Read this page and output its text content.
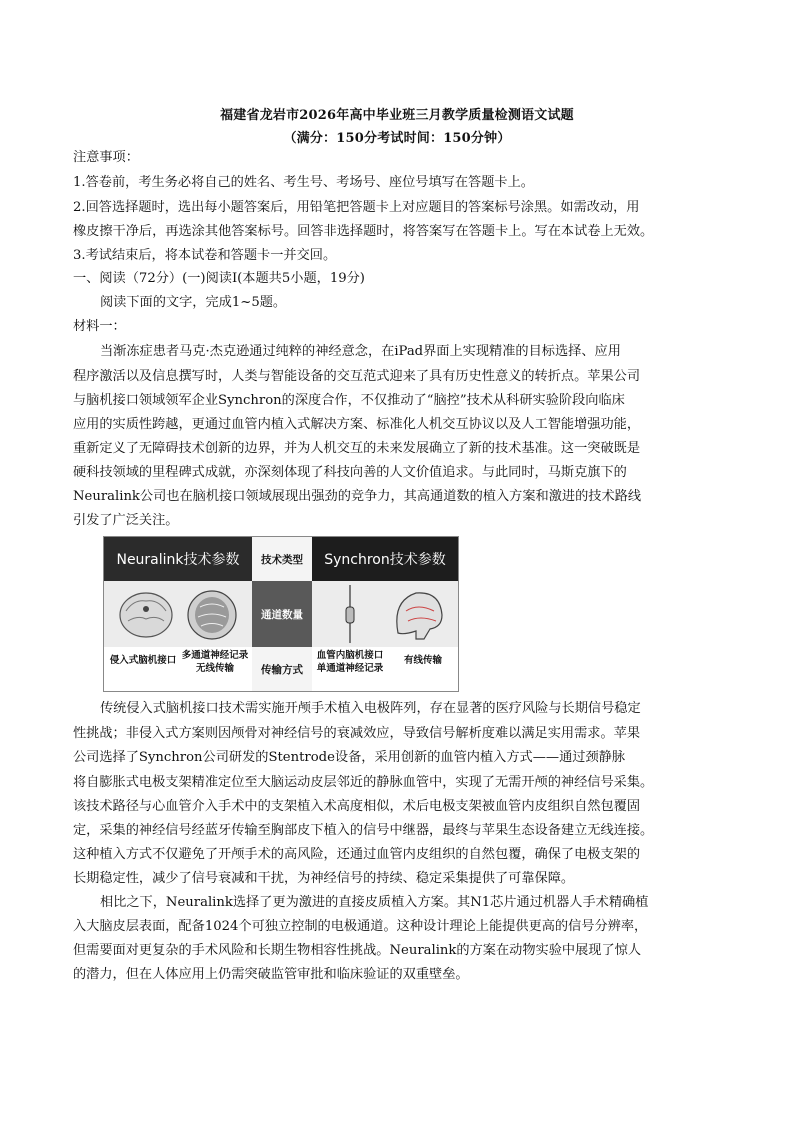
福建省龙岩市2026年高中毕业班三月教学质量检测语文试题
（满分：150分考试时间：150分钟）
注意事项：
1.答卷前，考生务必将自己的姓名、考生号、考场号、座位号填写在答题卡上。
2.回答选择题时，选出每小题答案后，用铅笔把答题卡上对应题目的答案标号涂黑。如需改动，用
橡皮擦干净后，再选涂其他答案标号。回答非选择题时，将答案写在答题卡上。写在本试卷上无效。
3.考试结束后，将本试卷和答题卡一并交回。
一、阅读（72分）(一)阅读Ⅰ(本题共5小题，19分)
阅读下面的文字，完成1~5题。
材料一：
当渐冻症患者马克·杰克逊通过纯粹的神经意念，在iPad界面上实现精准的目标选择、应用
程序激活以及信息撰写时，人类与智能设备的交互范式迎来了具有历史性意义的转折点。苹果公司
与脑机接口领域领军企业Synchron的深度合作，不仅推动了“脑控”技术从科研实验阶段向临床
应用的实质性跨越，更通过血管内植入式解决方案、标准化人机交互协议以及人工智能增强功能，
重新定义了无障碍技术创新的边界，并为人机交互的未来发展确立了新的技术基准。这一突破既是
硬科技领域的里程碑式成就，亦深刻体现了科技向善的人文价值追求。与此同时，马斯克旗下的
Neuralink公司也在脑机接口领域展现出强劲的竞争力，其高通道数的植入方案和激进的技术路线
引发了广泛关注。
Neuralink技术参数	Synchron技术参数
技术类型
通道数量
传输方式
侵入式脑机接口 多通道神经记录
无线传输
血管内脑机接口
单通道神经记录
有线传输
传统侵入式脑机接口技术需实施开颅手术植入电极阵列，存在显著的医疗风险与长期信号稳定
性挑战；非侵入式方案则因颅骨对神经信号的衰减效应，导致信号解析度难以满足实用需求。苹果
公司选择了Synchron公司研发的Stentrode设备，采用创新的血管内植入方式——通过颈静脉
将自膨胀式电极支架精准定位至大脑运动皮层邻近的静脉血管中，实现了无需开颅的神经信号采集。
该技术路径与心血管介入手术中的支架植入术高度相似，术后电极支架被血管内皮组织自然包覆固
定，采集的神经信号经蓝牙传输至胸部皮下植入的信号中继器，最终与苹果生态设备建立无线连接。
这种植入方式不仅避免了开颅手术的高风险，还通过血管内皮组织的自然包覆，确保了电极支架的
长期稳定性，减少了信号衰减和干扰，为神经信号的持续、稳定采集提供了可靠保障。
相比之下，Neuralink选择了更为激进的直接皮质植入方案。其N1芯片通过机器人手术精确植
入大脑皮层表面，配备1024个可独立控制的电极通道。这种设计理论上能提供更高的信号分辨率，
但需要面对更复杂的手术风险和长期生物相容性挑战。Neuralink的方案在动物实验中展现了惊人
的潜力，但在人体应用上仍需突破监管审批和临床验证的双重壁垒。
